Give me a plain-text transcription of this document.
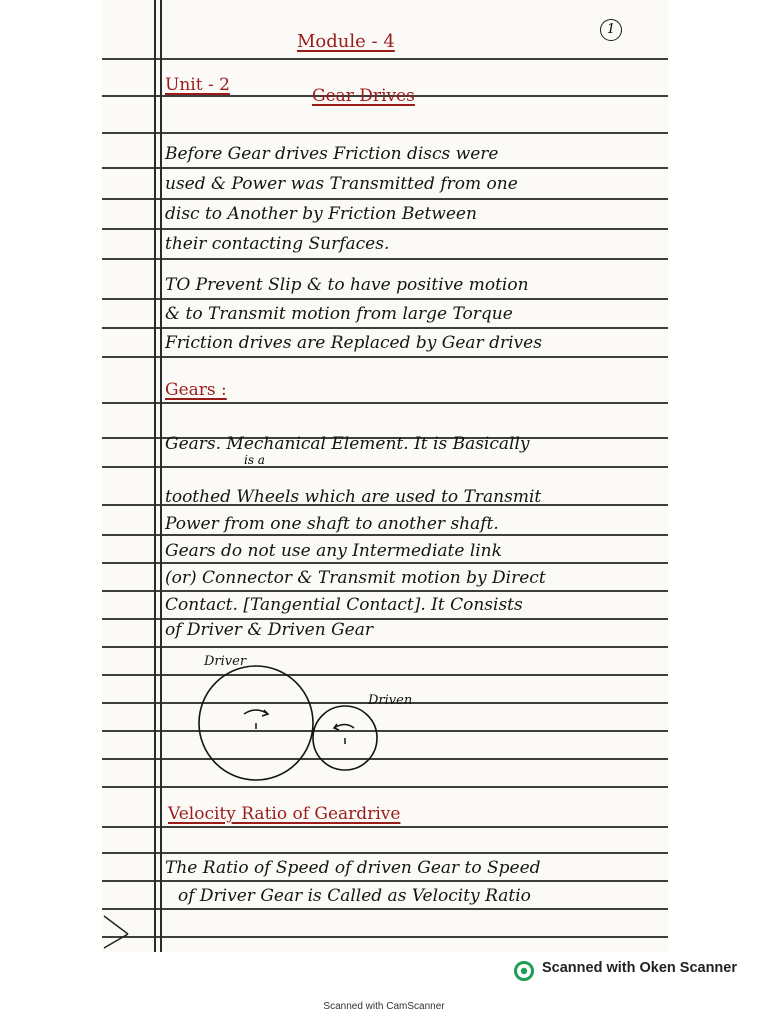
Module - 4
1
Unit - 2
Gear Drives
Before Gear drives Friction discs were
used & Power was Transmitted from one
disc to Another by Friction Between
their contacting Surfaces.
TO Prevent Slip & to have positive motion
& to Transmit motion from large Torque
Friction drives are Replaced by Gear drives
Gears :
Gears. Mechanical Element. It is Basically
is a
toothed Wheels which are used to Transmit
Power from one shaft to another shaft.
Gears do not use any Intermediate link
(or) Connector & Transmit motion by Direct
Contact. [Tangential Contact]. It Consists
of Driver & Driven Gear
Driver
Driven
Velocity Ratio of Geardrive
The Ratio of Speed of driven Gear to Speed
of Driver Gear is Called as Velocity Ratio
Scanned with Oken Scanner
Scanned with CamScanner
